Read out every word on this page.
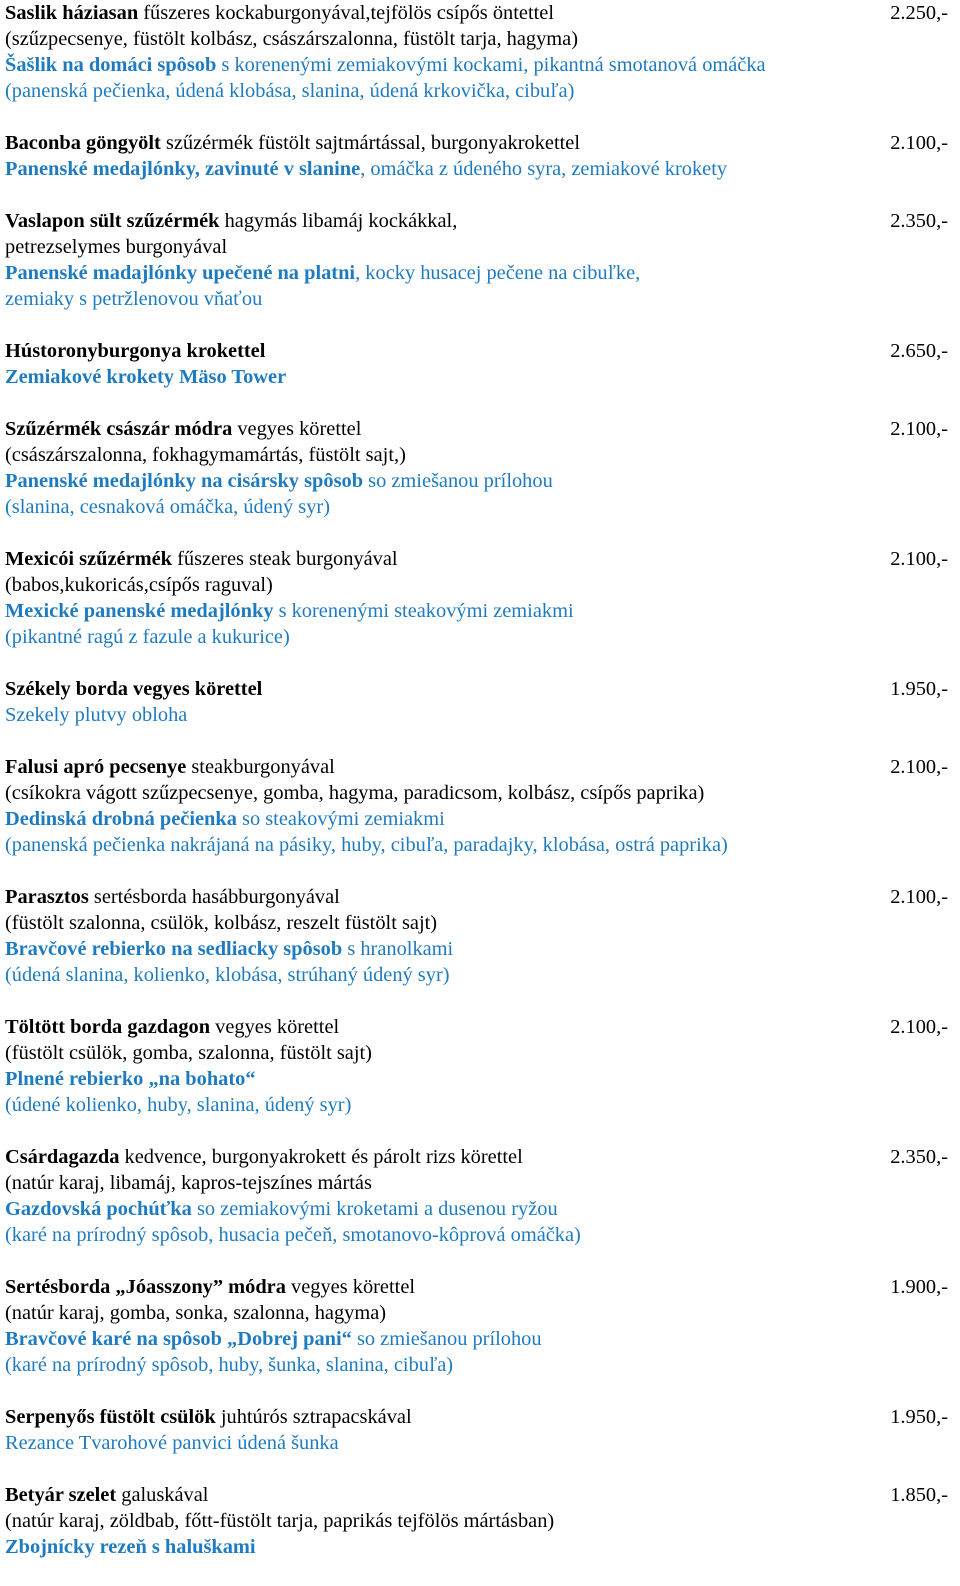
Saslik háziasan fűszeres kockaburgonyával,tejfölös csípős öntettel
(szűzpecsenye, füstölt kolbász, császárszalonna, füstölt tarja, hagyma)
Šašlik na domáci spôsob s korenenými zemiakovými kockami, pikantná smotanová omáčka
(panenská pečienka, údená klobása, slanina, údená krkovička, cibuľa)
2.250,-
Baconba göngyölt szűzérmék füstölt sajtmártással, burgonyakrokettel
Panenské medajlónky, zavinuté v slanine, omáčka z údeného syra, zemiakové krokety
2.100,-
Vaslapon sült szűzérmék hagymás libamáj kockákkal,
petrezselymes burgonyával
Panenské madajlónky upečené na platni, kocky husacej pečene na cibuľke,
zemiaky s petržlenovou vňaťou
2.350,-
Hústoronyburgonya krokettel
Zemiakové krokety Mäso Tower
2.650,-
Szűzérmék császár módra vegyes körettel
(császárszalonna, fokhagymamártás, füstölt sajt,)
Panenské medajlónky na cisársky spôsob so zmiešanou prílohou
(slanina, cesnaková omáčka, údený syr)
2.100,-
Mexicói szűzérmék fűszeres steak burgonyával
(babos,kukoricás,csípős raguval)
Mexické panenské medajlónky s korenenými steakovými zemiakmi
(pikantné ragú z fazule a kukurice)
2.100,-
Székely borda vegyes körettel
Szekely plutvy obloha
1.950,-
Falusi apró pecsenye steakburgonyával
(csíkokra vágott szűzpecsenye, gomba, hagyma, paradicsom, kolbász, csípős paprika)
Dedinská drobná pečienka so steakovými zemiakmi
(panenská pečienka nakrájaná na pásiky, huby, cibuľa, paradajky, klobása, ostrá paprika)
2.100,-
Parasztos sertésborda hasábburgonyával
(füstölt szalonna, csülök, kolbász, reszelt füstölt sajt)
Bravčové rebierko na sedliacky spôsob s hranolkami
(údená slanina, kolienko, klobása, strúhaný údený syr)
2.100,-
Töltött borda gazdagon vegyes körettel
(füstölt csülök, gomba, szalonna, füstölt sajt)
Plnené rebierko „na bohato“
(údené kolienko, huby, slanina, údený syr)
2.100,-
Csárdagazda kedvence, burgonyakrokett és párolt rizs körettel
(natúr karaj, libamáj, kapros-tejszínes mártás
Gazdovská pochúťka so zemiakovými kroketami a dusenou ryžou
(karé na prírodný spôsob, husacia pečeň, smotanovo-kôprová omáčka)
2.350,-
Sertésborda „Jóasszony” módra vegyes körettel
(natúr karaj, gomba, sonka, szalonna, hagyma)
Bravčové karé na spôsob „Dobrej pani“ so zmiešanou prílohou
(karé na prírodný spôsob, huby, šunka, slanina, cibuľa)
1.900,-
Serpenyős füstölt csülök juhtúrós sztrapacskával
Rezance Tvarohové panvici údená šunka
1.950,-
Betyár szelet galuskával
(natúr karaj, zöldbab, főtt-füstölt tarja, paprikás tejfölös mártásban)
Zbojnícky rezeň s haluškami
1.850,-
